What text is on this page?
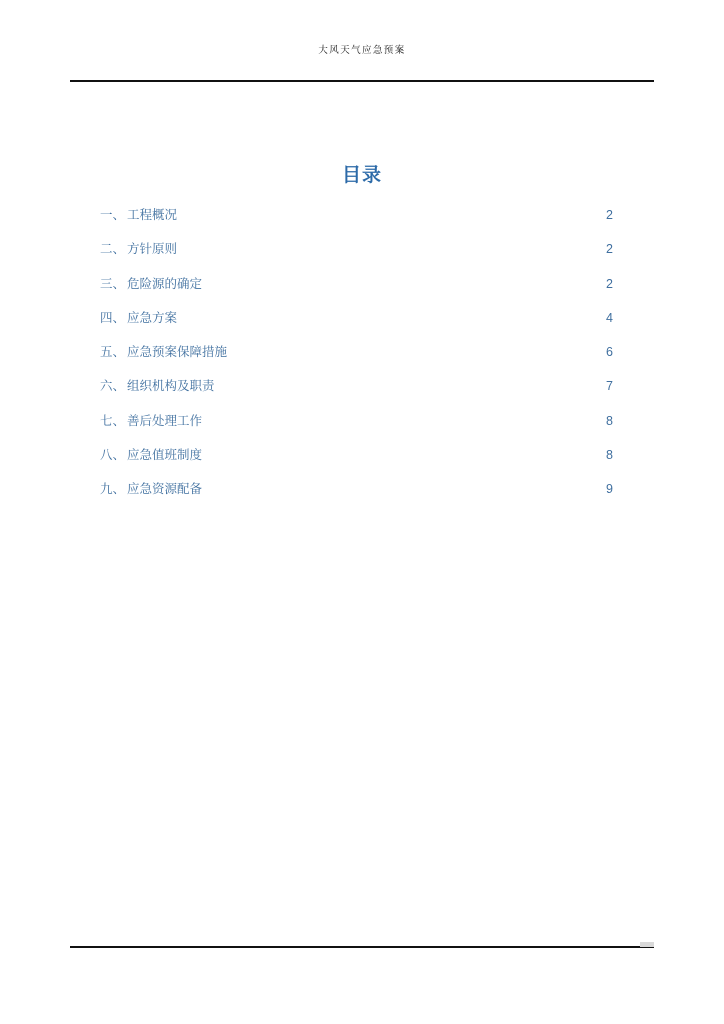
大风天气应急预案
目录
一、 工程概况 .....	2
二、 方针原则 .....	2
三、 危险源的确定 .....	2
四、 应急方案 .....	4
五、 应急预案保障措施 .....	6
六、 组织机构及职责 .....	7
七、 善后处理工作 .....	8
八、 应急值班制度 .....	8
九、 应急资源配备 .....	9
